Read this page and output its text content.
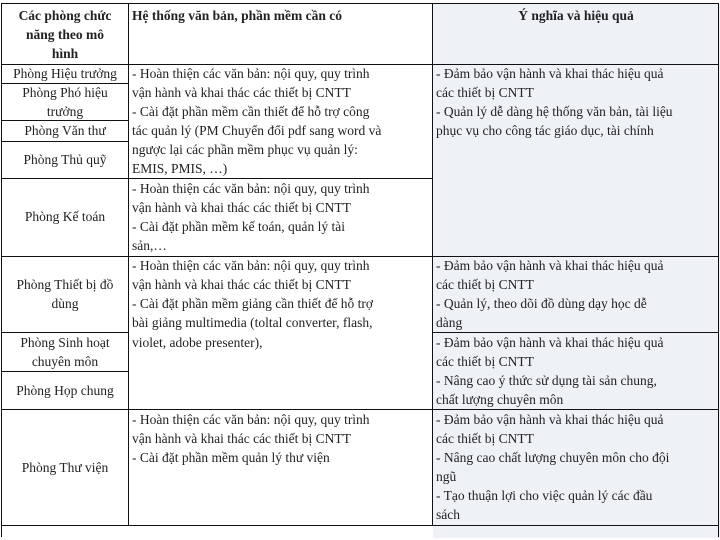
Các phòng chức
năng theo mô
hình
Hệ thống văn bản, phần mềm cần có	Ý nghĩa và hiệu quả
Phòng Hiệu trưởng
Phòng Phó hiệu
trưởng
Phòng Văn thư
Phòng Thủ quỹ
Phòng Kế toán
Phòng Thiết bị đồ
dùng
Phòng Sinh hoạt
chuyên môn
Phòng Họp chung
Phòng Thư viện
- Hoàn thiện các văn bản: nội quy, quy trình
vận hành và khai thác các thiết bị CNTT
- Cài đặt phần mềm cần thiết để hỗ trợ công
tác quản lý (PM Chuyển đổi pdf sang word và
ngược lại các phần mềm phục vụ quản lý:
EMIS, PMIS, …)
- Hoàn thiện các văn bản: nội quy, quy trình
vận hành và khai thác các thiết bị CNTT
- Cài đặt phần mềm kế toán, quản lý tài
sản,…
- Hoàn thiện các văn bản: nội quy, quy trình
vận hành và khai thác các thiết bị CNTT
- Cài đặt phần mềm giảng cần thiết để hỗ trợ
bài giảng multimedia (toltal converter, flash,
violet, adobe presenter),
- Hoàn thiện các văn bản: nội quy, quy trình
vận hành và khai thác các thiết bị CNTT
- Cài đặt phần mềm quản lý thư viện
- Đảm bảo vận hành và khai thác hiệu quả
các thiết bị CNTT
- Quản lý dễ dàng hệ thống văn bản, tài liệu
phục vụ cho công tác giáo dục, tài chính
- Đảm bảo vận hành và khai thác hiệu quả
các thiết bị CNTT
- Quản lý, theo dõi đồ dùng dạy học dễ
dàng
- Đảm bảo vận hành và khai thác hiệu quả
các thiết bị CNTT
- Nâng cao ý thức sử dụng tài sản chung,
chất lượng chuyên môn
- Đảm bảo vận hành và khai thác hiệu quả
các thiết bị CNTT
- Nâng cao chất lượng chuyên môn cho đội
ngũ
- Tạo thuận lợi cho việc quản lý các đầu
sách
